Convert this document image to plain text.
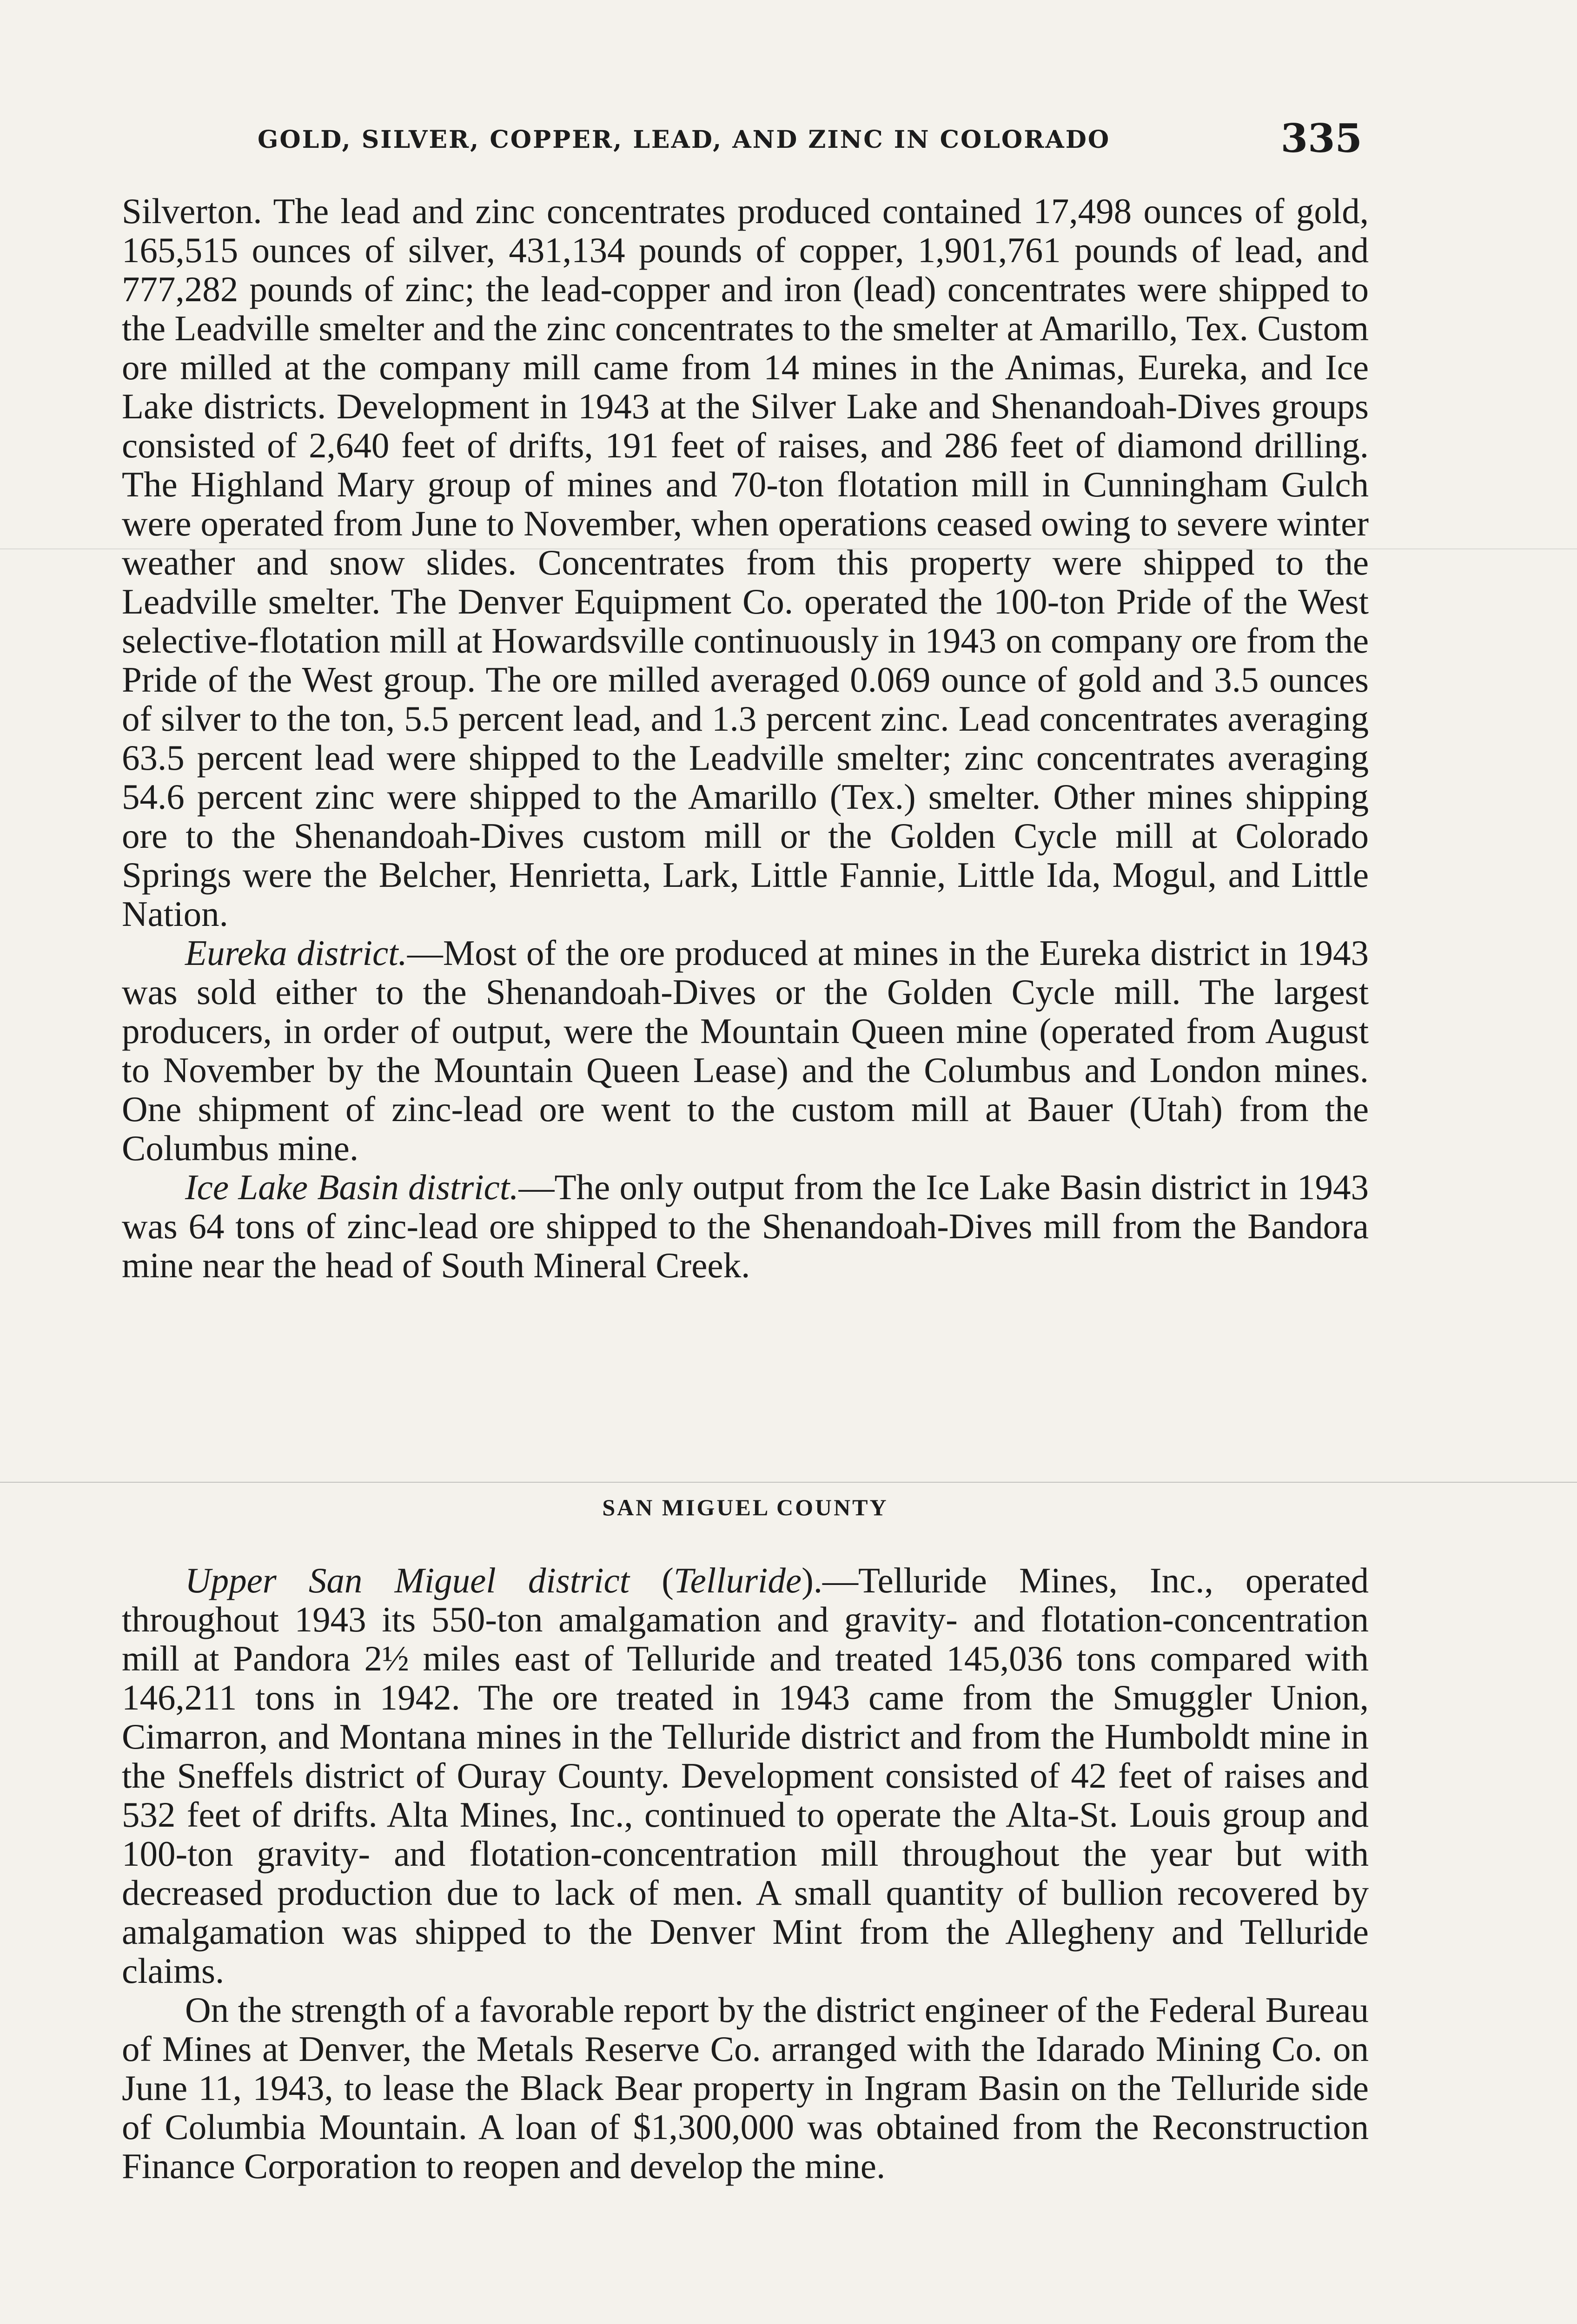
GOLD, SILVER, COPPER, LEAD, AND ZINC IN COLORADO	335

Silverton. The lead and zinc concentrates produced contained 17,498 ounces of gold, 165,515 ounces of silver, 431,134 pounds of copper, 1,901,761 pounds of lead, and 777,282 pounds of zinc; the lead-copper and iron (lead) concentrates were shipped to the Leadville smelter and the zinc concentrates to the smelter at Amarillo, Tex. Custom ore milled at the company mill came from 14 mines in the Animas, Eureka, and Ice Lake districts. Development in 1943 at the Silver Lake and Shenandoah-Dives groups consisted of 2,640 feet of drifts, 191 feet of raises, and 286 feet of diamond drilling. The Highland Mary group of mines and 70-ton flotation mill in Cunningham Gulch were operated from June to November, when operations ceased owing to severe winter weather and snow slides. Concentrates from this property were shipped to the Leadville smelter. The Denver Equipment Co. operated the 100-ton Pride of the West selective-flotation mill at Howardsville continuously in 1943 on company ore from the Pride of the West group. The ore milled averaged 0.069 ounce of gold and 3.5 ounces of silver to the ton, 5.5 percent lead, and 1.3 percent zinc. Lead concentrates averaging 63.5 percent lead were shipped to the Leadville smelter; zinc concentrates averaging 54.6 percent zinc were shipped to the Amarillo (Tex.) smelter. Other mines shipping ore to the Shenandoah-Dives custom mill or the Golden Cycle mill at Colorado Springs were the Belcher, Henrietta, Lark, Little Fannie, Little Ida, Mogul, and Little Nation.

Eureka district.—Most of the ore produced at mines in the Eureka district in 1943 was sold either to the Shenandoah-Dives or the Golden Cycle mill. The largest producers, in order of output, were the Mountain Queen mine (operated from August to November by the Mountain Queen Lease) and the Columbus and London mines. One shipment of zinc-lead ore went to the custom mill at Bauer (Utah) from the Columbus mine.

Ice Lake Basin district.—The only output from the Ice Lake Basin district in 1943 was 64 tons of zinc-lead ore shipped to the Shenandoah-Dives mill from the Bandora mine near the head of South Mineral Creek.

SAN MIGUEL COUNTY

Upper San Miguel district (Telluride).—Telluride Mines, Inc., operated throughout 1943 its 550-ton amalgamation and gravity- and flotation-concentration mill at Pandora 2½ miles east of Telluride and treated 145,036 tons compared with 146,211 tons in 1942. The ore treated in 1943 came from the Smuggler Union, Cimarron, and Montana mines in the Telluride district and from the Humboldt mine in the Sneffels district of Ouray County. Development consisted of 42 feet of raises and 532 feet of drifts. Alta Mines, Inc., continued to operate the Alta-St. Louis group and 100-ton gravity- and flotation-concentration mill throughout the year but with decreased production due to lack of men. A small quantity of bullion recovered by amalgamation was shipped to the Denver Mint from the Allegheny and Telluride claims.

On the strength of a favorable report by the district engineer of the Federal Bureau of Mines at Denver, the Metals Reserve Co. arranged with the Idarado Mining Co. on June 11, 1943, to lease the Black Bear property in Ingram Basin on the Telluride side of Columbia Mountain. A loan of $1,300,000 was obtained from the Reconstruction Finance Corporation to reopen and develop the mine.
